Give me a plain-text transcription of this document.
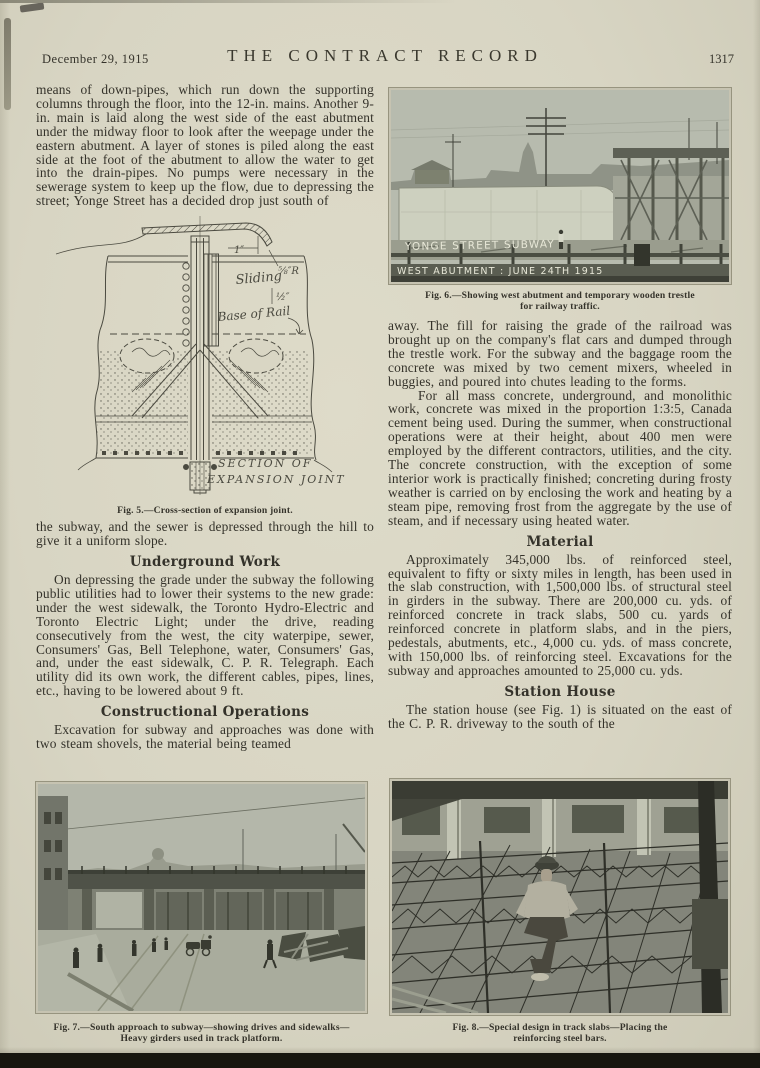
December 29, 1915	THE CONTRACT RECORD	1317

means of down-pipes, which run down the supporting columns through the floor, into the 12-in. mains. Another 9-in. main is laid along the west side of the east abutment under the midway floor to look after the weepage under the eastern abutment. A layer of stones is piled along the east side at the foot of the abutment to allow the water to get into the drain-pipes. No pumps were necessary in the sewerage system to keep up the flow, due to depressing the street; Yonge Street has a decided drop just south of

Sliding
Base of Rail
1″
⅝″R
½″
SECTION OF
EXPANSION JOINT
Fig. 5.—Cross-section of expansion joint.

the subway, and the sewer is depressed through the hill to give it a uniform slope.

Underground Work

On depressing the grade under the subway the following public utilities had to lower their systems to the new grade: under the west sidewalk, the Toronto Hydro-Electric and Toronto Electric Light; under the drive, reading consecutively from the west, the city waterpipe, sewer, Consumers' Gas, Bell Telephone, water, Consumers' Gas, and, under the east sidewalk, C. P. R. Telegraph. Each utility did its own work, the different cables, pipes, lines, etc., having to be lowered about 9 ft.

Constructional Operations

Excavation for subway and approaches was done with two steam shovels, the material being teamed

YONGE STREET SUBWAY
WEST ABUTMENT : JUNE 24TH 1915
Fig. 6.—Showing west abutment and temporary wooden trestle
for railway traffic.

away. The fill for raising the grade of the railroad was brought up on the company's flat cars and dumped through the trestle work. For the subway and the baggage room the concrete was mixed by two cement mixers, wheeled in buggies, and poured into chutes leading to the forms.

For all mass concrete, underground, and monolithic work, concrete was mixed in the proportion 1:3:5, Canada cement being used. During the summer, when constructional operations were at their height, about 400 men were employed by the different contractors, utilities, and the city. The concrete construction, with the exception of some interior work is practically finished; concreting during frosty weather is carried on by enclosing the work and heating by a steam pipe, removing frost from the aggregate by the use of steam, and if necessary using heated water.

Material

Approximately 345,000 lbs. of reinforced steel, equivalent to fifty or sixty miles in length, has been used in the slab construction, with 1,500,000 lbs. of structural steel in girders in the subway. There are 200,000 cu. yds. of reinforced concrete in track slabs, 500 cu. yards of reinforced concrete in platform slabs, and in the piers, pedestals, abutments, etc., 4,000 cu. yds. of mass concrete, with 150,000 lbs. of reinforcing steel. Excavations for the subway and approaches amounted to 25,000 cu. yds.

Station House

The station house (see Fig. 1) is situated on the east of the C. P. R. driveway to the south of the

Fig. 7.—South approach to subway—showing drives and sidewalks—
Heavy girders used in track platform.
Fig. 8.—Special design in track slabs—Placing the
reinforcing steel bars.
